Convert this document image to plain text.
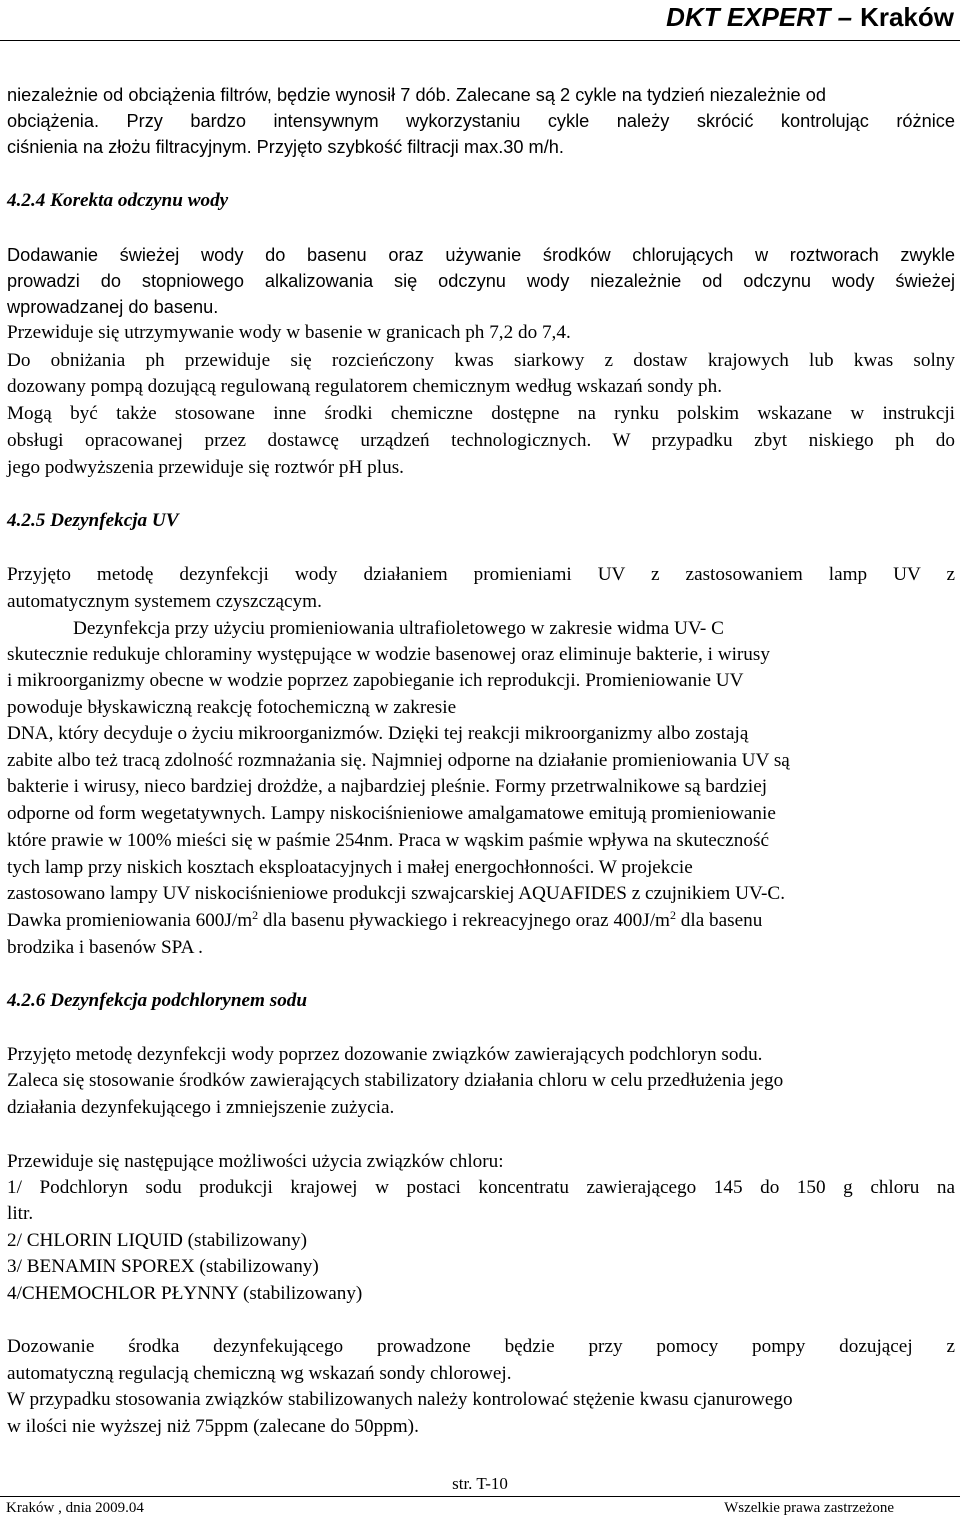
DKT EXPERT – Kraków
niezależnie od obciążenia filtrów, będzie wynosił 7 dób. Zalecane są 2 cykle na tydzień niezależnie od
obciążenia. Przy bardzo intensywnym wykorzystaniu cykle należy skrócić kontrolując różnice
ciśnienia na złożu filtracyjnym. Przyjęto szybkość filtracji max.30 m/h.
4.2.4 Korekta odczynu wody
Dodawanie świeżej wody do basenu oraz używanie środków chlorujących w roztworach zwykle
prowadzi do stopniowego alkalizowania się odczynu wody niezależnie od odczynu wody świeżej
wprowadzanej do basenu.
Przewiduje się utrzymywanie wody w basenie w granicach ph 7,2 do 7,4.
Do obniżania ph przewiduje się rozcieńczony kwas siarkowy z dostaw krajowych lub kwas solny
dozowany pompą dozującą regulowaną regulatorem chemicznym według wskazań sondy ph.
Mogą być także stosowane inne środki chemiczne dostępne na rynku polskim wskazane w instrukcji
obsługi opracowanej przez dostawcę urządzeń technologicznych. W przypadku zbyt niskiego ph do
jego podwyższenia przewiduje się roztwór pH plus.
4.2.5 Dezynfekcja UV
Przyjęto metodę dezynfekcji wody działaniem promieniami UV z zastosowaniem lamp UV z
automatycznym systemem czyszczącym.
Dezynfekcja przy użyciu promieniowania ultrafioletowego w zakresie widma UV- C
skutecznie redukuje chloraminy występujące w wodzie basenowej oraz eliminuje bakterie, i wirusy
i mikroorganizmy obecne w wodzie poprzez zapobieganie ich reprodukcji. Promieniowanie UV
powoduje błyskawiczną reakcję fotochemiczną w zakresie
DNA, który decyduje o życiu mikroorganizmów. Dzięki tej reakcji mikroorganizmy albo zostają
zabite albo też tracą zdolność rozmnażania się. Najmniej odporne na działanie promieniowania UV są
bakterie i wirusy, nieco bardziej drożdże, a najbardziej pleśnie. Formy przetrwalnikowe są bardziej
odporne od form wegetatywnych. Lampy niskociśnieniowe amalgamatowe emitują promieniowanie
które prawie w 100% mieści się w paśmie 254nm. Praca w wąskim paśmie wpływa na skuteczność
tych lamp przy niskich kosztach eksploatacyjnych i małej energochłonności. W projekcie
zastosowano lampy UV niskociśnieniowe produkcji szwajcarskiej AQUAFIDES z czujnikiem UV-C.
Dawka promieniowania $600J/m^2$ dla basenu pływackiego i rekreacyjnego oraz $400J/m^2$ dla basenu
brodzika i basenów SPA .
4.2.6 Dezynfekcja podchlorynem sodu
Przyjęto metodę dezynfekcji wody poprzez dozowanie związków zawierających podchloryn sodu.
Zaleca się stosowanie środków zawierających stabilizatory działania chloru w celu przedłużenia jego
działania dezynfekującego i zmniejszenie zużycia.
Przewiduje się następujące możliwości użycia związków chloru:
1/ Podchloryn sodu produkcji krajowej w postaci koncentratu zawierającego 145 do 150 g chloru na
litr.
2/ CHLORIN LIQUID (stabilizowany)
3/ BENAMIN SPOREX (stabilizowany)
4/CHEMOCHLOR PŁYNNY (stabilizowany)
Dozowanie środka dezynfekującego prowadzone będzie przy pomocy pompy dozującej z
automatyczną regulacją chemiczną wg wskazań sondy chlorowej.
W przypadku stosowania związków stabilizowanych należy kontrolować stężenie kwasu cjanurowego
w ilości nie wyższej niż 75ppm (zalecane do 50ppm).
str. T-10
Kraków , dnia 2009.04	Wszelkie prawa zastrzeżone
